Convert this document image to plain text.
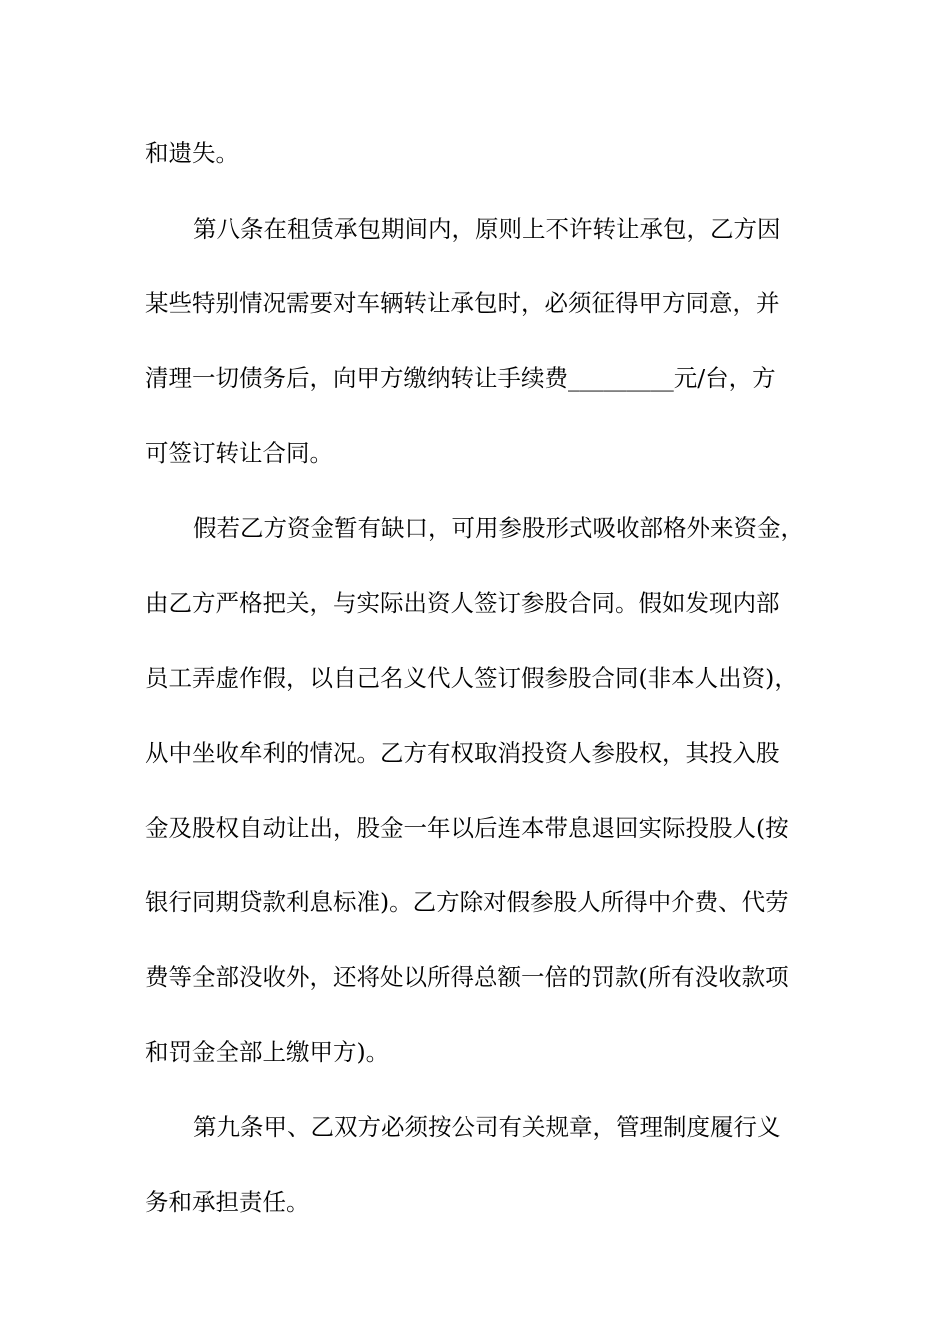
和遗失。
第八条在租赁承包期间内，原则上不许转让承包，乙方因
某些特别情况需要对车辆转让承包时，必须征得甲方同意，并
清理一切债务后，向甲方缴纳转让手续费_________元/台，方
可签订转让合同。
假若乙方资金暂有缺口，可用参股形式吸收部格外来资金，
由乙方严格把关，与实际出资人签订参股合同。假如发现内部
员工弄虚作假，以自己名义代人签订假参股合同(非本人出资)，
从中坐收牟利的情况。乙方有权取消投资人参股权，其投入股
金及股权自动让出，股金一年以后连本带息退回实际投股人(按
银行同期贷款利息标准)。乙方除对假参股人所得中介费、代劳
费等全部没收外，还将处以所得总额一倍的罚款(所有没收款项
和罚金全部上缴甲方)。
第九条甲、乙双方必须按公司有关规章，管理制度履行义
务和承担责任。
